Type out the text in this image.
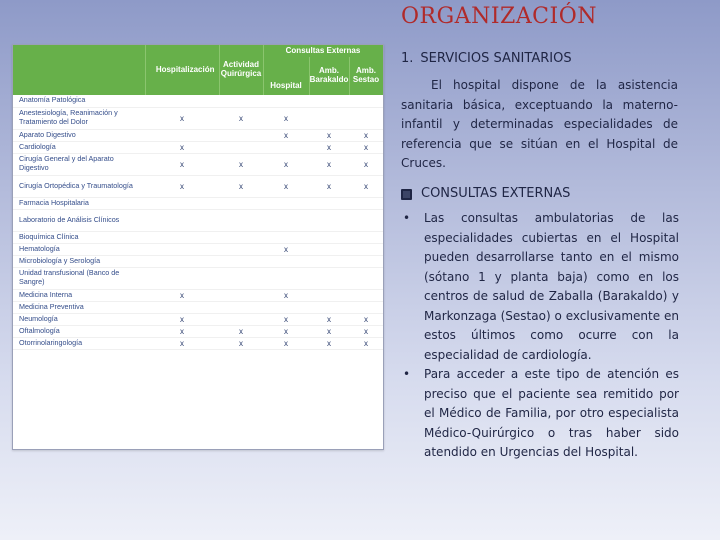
ORGANIZACIÓN
	Hospitalización	Actividad Quirúrgica	Consultas Externas		
			Hospital	Amb. Barakaldo	Amb. Sestao
Anatomía Patológica					
Anestesiología, Reanimación y Tratamiento del Dolor	x	x	x		
Aparato Digestivo			x	x	x
Cardiología	x			x	x
Cirugía General y del Aparato Digestivo	x	x	x	x	x
Cirugía Ortopédica y Traumatología	x	x	x	x	x
Farmacia Hospitalaria					
Laboratorio de Análisis Clínicos					
Bioquímica Clínica					
Hematología			x		
Microbiología y Serología					
Unidad transfusional (Banco de Sangre)					
Medicina Interna	x		x		
Medicina Preventiva					
Neumología	x		x	x	x
Oftalmología	x	x	x	x	x
Otorrinolaringología	x	x	x	x	x
1. SERVICIOS SANITARIOS

El hospital dispone de la asistencia sanitaria básica, exceptuando la materno-infantil y determinadas especialidades de referencia que se sitúan en el Hospital de Cruces.

CONSULTAS EXTERNAS
• Las consultas ambulatorias de las especialidades cubiertas en el Hospital pueden desarrollarse tanto en el mismo (sótano 1 y planta baja) como en los centros de salud de Zaballa (Barakaldo) y Markonzaga (Sestao) o exclusivamente en estos últimos como ocurre con la especialidad de cardiología.
• Para acceder a este tipo de atención es preciso que el paciente sea remitido por el Médico de Familia, por otro especialista Médico-Quirúrgico o tras haber sido atendido en Urgencias del Hospital.
